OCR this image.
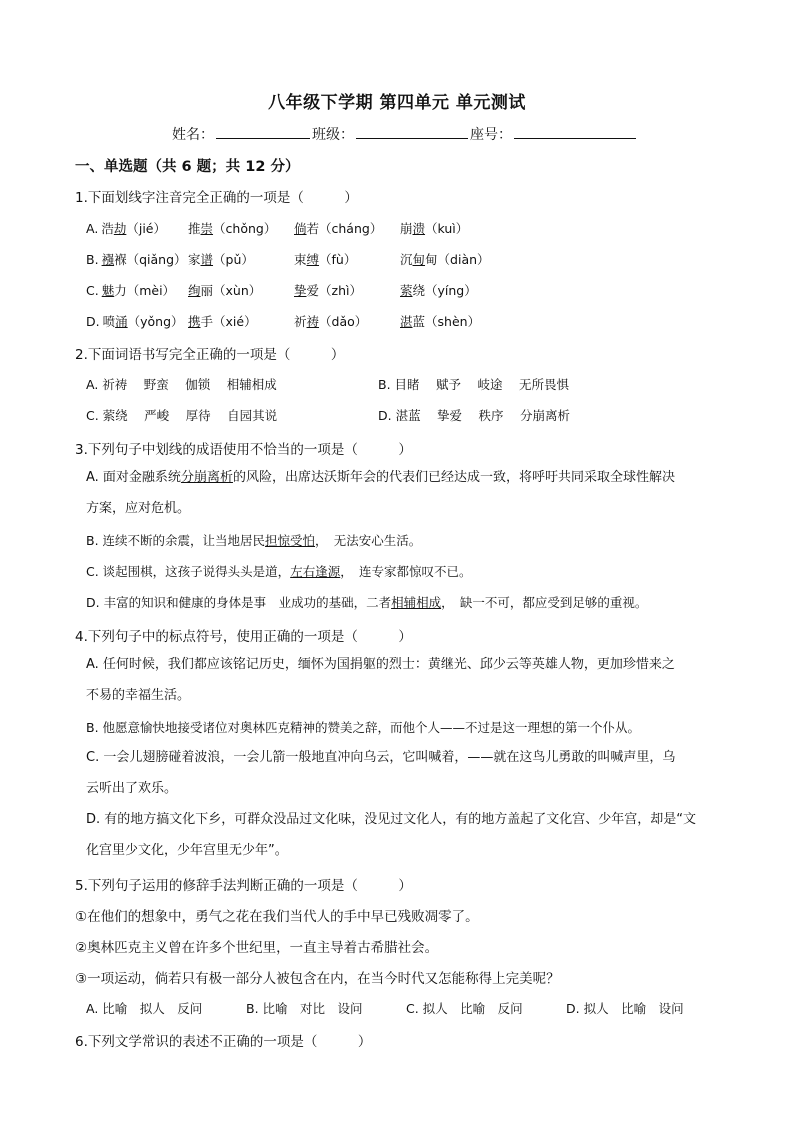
八年级下学期 第四单元 单元测试
姓名：	班级：	座号：
一、单选题（共 6 题；共 12 分）
1.下面划线字注音完全正确的一项是（　　　）
A. 浩劫（jié） 推崇（chǒng） 倘若（cháng） 崩溃（kuì）
B. 襁褓（qiǎng） 家谱（pǔ）	束缚（fù）	沉甸甸（diàn）
C. 魅力（mèi） 绚丽（xùn）	挚爱（zhì）	萦绕（yíng）
D. 喷涌（yǒng） 携手（xié）	祈祷（dǎo）	湛蓝（shèn）
2.下面词语书写完全正确的一项是（　　　）
A. 祈祷　 野蛮　 伽锁　 相辅相成	B. 目睹　 赋予　 岐途　 无所畏惧
C. 萦绕　 严峻　 厚待　 自园其说	D. 湛蓝　 挚爱　 秩序　 分崩离析
3.下列句子中划线的成语使用不恰当的一项是（　　　）
A. 面对金融系统分崩离析的风险，出席达沃斯年会的代表们已经达成一致，将呼吁共同采取全球性解决
方案，应对危机。
B. 连续不断的余震，让当地居民担惊受怕，　无法安心生活。
C. 谈起围棋，这孩子说得头头是道，左右逢源，　连专家都惊叹不已。
D. 丰富的知识和健康的身体是事　业成功的基础，二者相辅相成，　缺一不可，都应受到足够的重视。
4.下列句子中的标点符号，使用正确的一项是（　　　）
A. 任何时候，我们都应该铭记历史，缅怀为国捐躯的烈士：黄继光、邱少云等英雄人物，更加珍惜来之
不易的幸福生活。
B. 他愿意愉快地接受诸位对奥林匹克精神的赞美之辞，而他个人——不过是这一理想的第一个仆从。
C. 一会儿翅膀碰着波浪，一会儿箭一般地直冲向乌云，它叫喊着，——就在这鸟儿勇敢的叫喊声里，乌
云听出了欢乐。
D. 有的地方搞文化下乡，可群众没品过文化味，没见过文化人，有的地方盖起了文化宫、少年宫，却是“文
化宫里少文化，少年宫里无少年”。
5.下列句子运用的修辞手法判断正确的一项是（　　　）
①在他们的想象中，勇气之花在我们当代人的手中早已残败凋零了。
②奥林匹克主义曾在许多个世纪里，一直主导着古希腊社会。
③一项运动，倘若只有极一部分人被包含在内，在当今时代又怎能称得上完美呢？
A. 比喻　拟人　反问	B. 比喻　对比　设问	C. 拟人　比喻　反问	D. 拟人　比喻　设问
6.下列文学常识的表述不正确的一项是（　　　）
